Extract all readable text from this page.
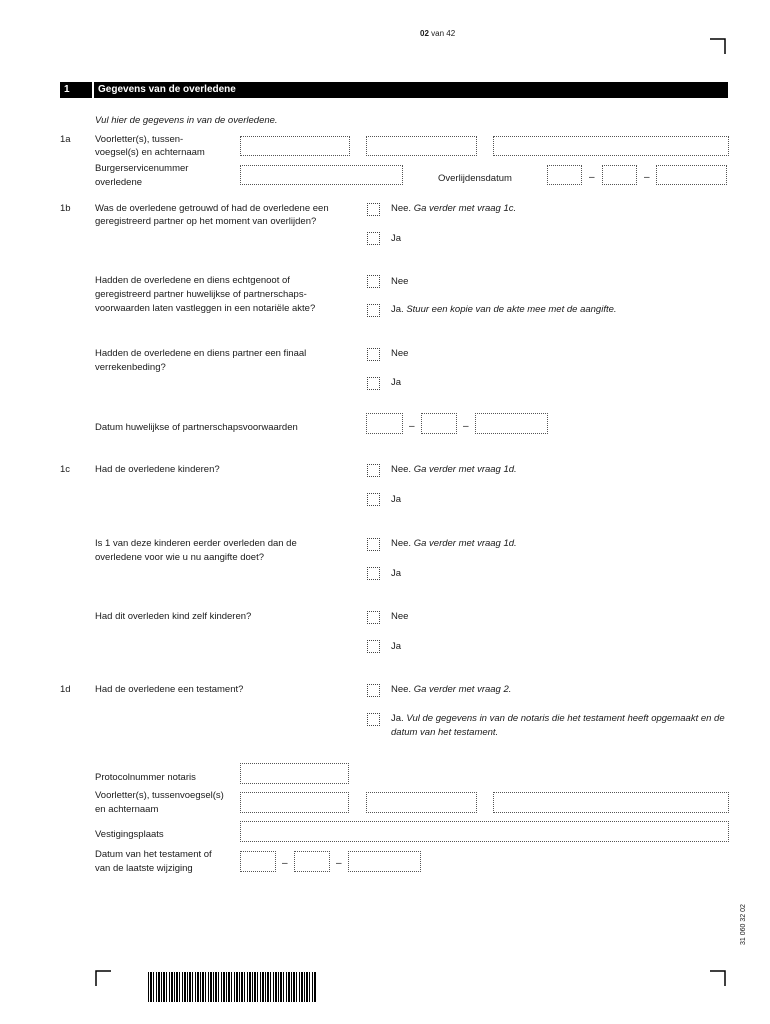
02 van 42
1	Gegevens van de overledene
Vul hier de gegevens in van de overledene.
1a	Voorletter(s), tussen-
voegsel(s) en achternaam
Burgerservicenummer
overledene	Overlijdensdatum	–	–
1b	Was de overledene getrouwd of had de overledene een
geregistreerd partner op het moment van overlijden?
Nee. Ga verder met vraag 1c.
Ja
Hadden de overledene en diens echtgenoot of
geregistreerd partner huwelijkse of partnerschaps-
voorwaarden laten vastleggen in een notariële akte?
Nee
Ja. Stuur een kopie van de akte mee met de aangifte.
Hadden de overledene en diens partner een finaal
verrekenbeding?
Nee
Ja
Datum huwelijkse of partnerschapsvoorwaarden	–	–
1c	Had de overledene kinderen?	Nee. Ga verder met vraag 1d.
Ja
Is 1 van deze kinderen eerder overleden dan de
overledene voor wie u nu aangifte doet?
Nee. Ga verder met vraag 1d.
Ja
Had dit overleden kind zelf kinderen?	Nee
Ja
1d	Had de overledene een testament?	Nee. Ga verder met vraag 2.
Ja. Vul de gegevens in van de notaris die het testament heeft opgemaakt en de
datum van het testament.
Protocolnummer notaris
Voorletter(s), tussenvoegsel(s)
en achternaam
Vestigingsplaats
Datum van het testament of
van de laatste wijziging	–	–
31 060 32 02
